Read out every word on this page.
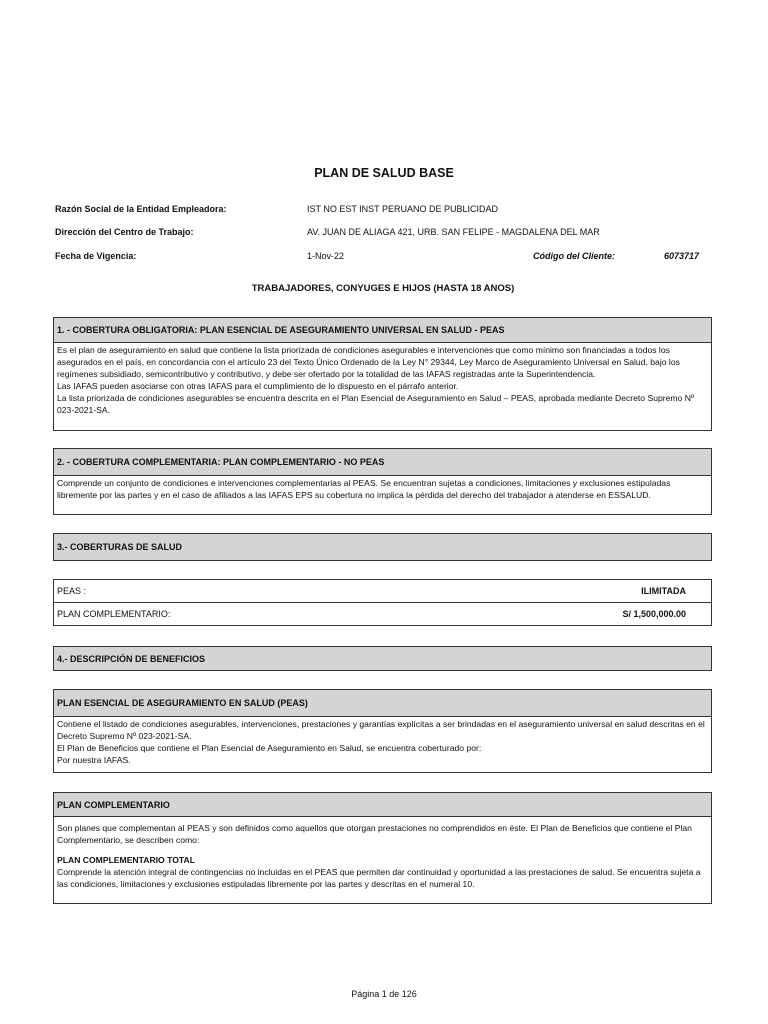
PLAN DE SALUD BASE
Razón Social de la Entidad Empleadora:	IST NO EST INST PERUANO DE PUBLICIDAD
Dirección del Centro de Trabajo:	AV. JUAN DE ALIAGA 421, URB. SAN FELIPE - MAGDALENA DEL MAR
Fecha de Vigencia:	1-Nov-22	Código del Cliente:	6073717
TRABAJADORES, CONYUGES E HIJOS (HASTA 18 ANOS)
1. - COBERTURA OBLIGATORIA: PLAN ESENCIAL DE ASEGURAMIENTO UNIVERSAL EN SALUD - PEAS

Es el plan de aseguramiento en salud que contiene la lista priorizada de condiciones asegurables e intervenciones que como mínimo son financiadas a todos los asegurados en el país, en concordancia con el artículo 23 del Texto Único Ordenado de la Ley N° 29344, Ley Marco de Aseguramiento Universal en Salud, bajo los regímenes subsidiado, semicontributivo y contributivo, y debe ser ofertado por la totalidad de las IAFAS registradas ante la Superintendencia.

Las IAFAS pueden asociarse con otras IAFAS para el cumplimiento de lo dispuesto en el párrafo anterior.

La lista priorizada de condiciones asegurables se encuentra descrita en el Plan Esencial de Aseguramiento en Salud – PEAS, aprobada mediante Decreto Supremo Nº 023-2021-SA.

2. - COBERTURA COMPLEMENTARIA: PLAN COMPLEMENTARIO - NO PEAS

Comprende un conjunto de condiciones e intervenciones complementarias al PEAS. Se encuentran sujetas a condiciones, limitaciones y exclusiones estipuladas libremente por las partes y en el caso de afiliados a las IAFAS EPS su cobertura no implica la pérdida del derecho del trabajador a atenderse en ESSALUD.

3.- COBERTURAS DE SALUD
PEAS :	ILIMITADA
PLAN COMPLEMENTARIO:	S/ 1,500,000.00
4.- DESCRIPCIÓN DE BENEFICIOS
PLAN ESENCIAL DE ASEGURAMIENTO EN SALUD (PEAS)

Contiene el listado de condiciones asegurables, intervenciones, prestaciones y garantías explícitas a ser brindadas en el aseguramiento universal en salud descritas en el Decreto Supremo Nº 023-2021-SA.

El Plan de Beneficios que contiene el Plan Esencial de Aseguramiento en Salud, se encuentra coberturado por:

Por nuestra IAFAS.

PLAN COMPLEMENTARIO

Son planes que complementan al PEAS y son definidos como aquellos que otorgan prestaciones no comprendidos en éste. El Plan de Beneficios que contiene el Plan Complementario, se describen como:

PLAN COMPLEMENTARIO TOTAL

Comprende la atención integral de contingencias no incluidas en el PEAS que permiten dar continuidad y oportunidad a las prestaciones de salud. Se encuentra sujeta a las condiciones, limitaciones y exclusiones estipuladas libremente por las partes y descritas en el numeral 10.

Página 1 de 126
